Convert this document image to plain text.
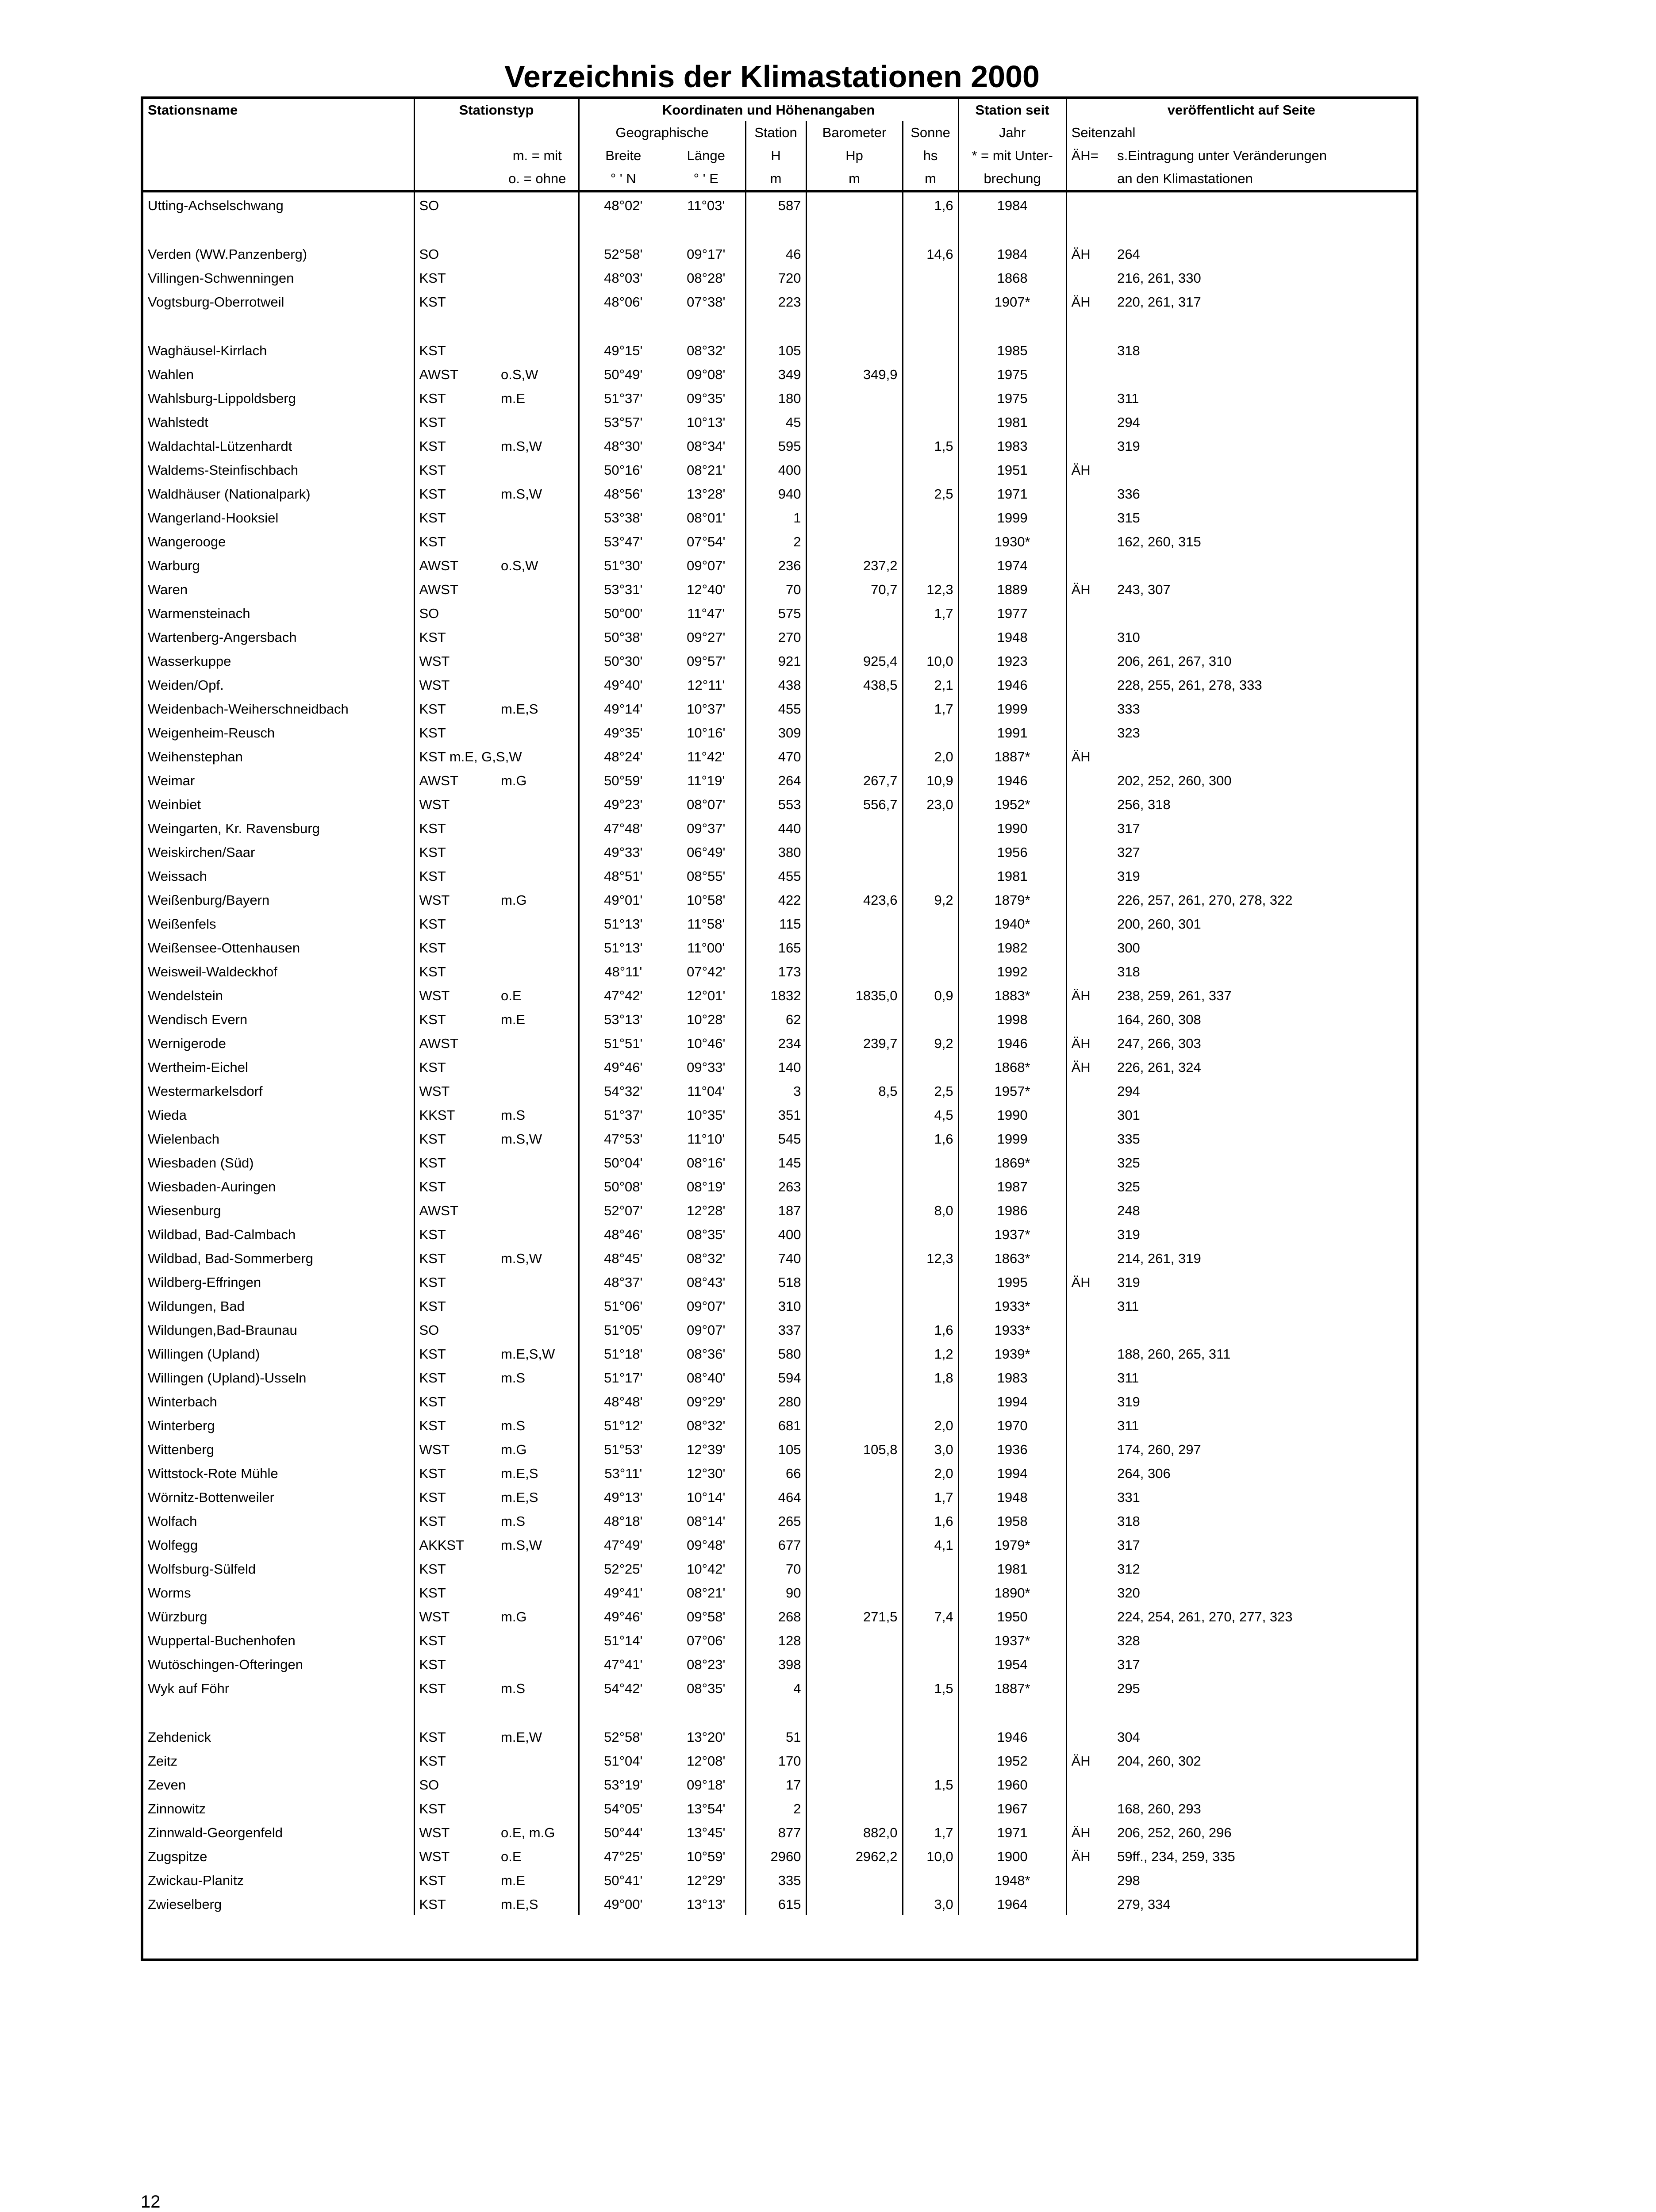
Verzeichnis der Klimastationen 2000
Stationsname	Stationstyp		Koordinaten und Höhenangaben					Station seit	veröffentlicht auf Seite	
			Geographische		Station	Barometer	Sonne	Jahr	Seitenzahl	
		m. = mit	Breite	Länge	H	Hp	hs	* = mit Unter-	ÄH=	s.Eintragung unter Veränderungen
		o. = ohne	° ' N	° ' E	m	m	m	brechung		an den Klimastationen
Utting-Achselschwang	SO		48°02'	11°03'	587		1,6	1984		

Verden (WW.Panzenberg)	SO		52°58'	09°17'	46		14,6	1984	ÄH	264
Villingen-Schwenningen	KST		48°03'	08°28'	720			1868		216, 261, 330
Vogtsburg-Oberrotweil	KST		48°06'	07°38'	223			1907*	ÄH	220, 261, 317

Waghäusel-Kirrlach	KST		49°15'	08°32'	105			1985		318
Wahlen	AWST	o.S,W	50°49'	09°08'	349	349,9		1975		
Wahlsburg-Lippoldsberg	KST	m.E	51°37'	09°35'	180			1975		311
Wahlstedt	KST		53°57'	10°13'	45			1981		294
Waldachtal-Lützenhardt	KST	m.S,W	48°30'	08°34'	595		1,5	1983		319
Waldems-Steinfischbach	KST		50°16'	08°21'	400			1951	ÄH	
Waldhäuser (Nationalpark)	KST	m.S,W	48°56'	13°28'	940		2,5	1971		336
Wangerland-Hooksiel	KST		53°38'	08°01'	1			1999		315
Wangerooge	KST		53°47'	07°54'	2			1930*		162, 260, 315
Warburg	AWST	o.S,W	51°30'	09°07'	236	237,2		1974		
Waren	AWST		53°31'	12°40'	70	70,7	12,3	1889	ÄH	243, 307
Warmensteinach	SO		50°00'	11°47'	575		1,7	1977		
Wartenberg-Angersbach	KST		50°38'	09°27'	270			1948		310
Wasserkuppe	WST		50°30'	09°57'	921	925,4	10,0	1923		206, 261, 267, 310
Weiden/Opf.	WST		49°40'	12°11'	438	438,5	2,1	1946		228, 255, 261, 278, 333
Weidenbach-Weiherschneidbach	KST	m.E,S	49°14'	10°37'	455		1,7	1999		333
Weigenheim-Reusch	KST		49°35'	10°16'	309			1991		323
Weihenstephan	KST m.E, G,S,W		48°24'	11°42'	470		2,0	1887*	ÄH	
Weimar	AWST	m.G	50°59'	11°19'	264	267,7	10,9	1946		202, 252, 260, 300
Weinbiet	WST		49°23'	08°07'	553	556,7	23,0	1952*		256, 318
Weingarten, Kr. Ravensburg	KST		47°48'	09°37'	440			1990		317
Weiskirchen/Saar	KST		49°33'	06°49'	380			1956		327
Weissach	KST		48°51'	08°55'	455			1981		319
Weißenburg/Bayern	WST	m.G	49°01'	10°58'	422	423,6	9,2	1879*		226, 257, 261, 270, 278, 322
Weißenfels	KST		51°13'	11°58'	115			1940*		200, 260, 301
Weißensee-Ottenhausen	KST		51°13'	11°00'	165			1982		300
Weisweil-Waldeckhof	KST		48°11'	07°42'	173			1992		318
Wendelstein	WST	o.E	47°42'	12°01'	1832	1835,0	0,9	1883*	ÄH	238, 259, 261, 337
Wendisch Evern	KST	m.E	53°13'	10°28'	62			1998		164, 260, 308
Wernigerode	AWST		51°51'	10°46'	234	239,7	9,2	1946	ÄH	247, 266, 303
Wertheim-Eichel	KST		49°46'	09°33'	140			1868*	ÄH	226, 261, 324
Westermarkelsdorf	WST		54°32'	11°04'	3	8,5	2,5	1957*		294
Wieda	KKST	m.S	51°37'	10°35'	351		4,5	1990		301
Wielenbach	KST	m.S,W	47°53'	11°10'	545		1,6	1999		335
Wiesbaden (Süd)	KST		50°04'	08°16'	145			1869*		325
Wiesbaden-Auringen	KST		50°08'	08°19'	263			1987		325
Wiesenburg	AWST		52°07'	12°28'	187		8,0	1986		248
Wildbad, Bad-Calmbach	KST		48°46'	08°35'	400			1937*		319
Wildbad, Bad-Sommerberg	KST	m.S,W	48°45'	08°32'	740		12,3	1863*		214, 261, 319
Wildberg-Effringen	KST		48°37'	08°43'	518			1995	ÄH	319
Wildungen, Bad	KST		51°06'	09°07'	310			1933*		311
Wildungen,Bad-Braunau	SO		51°05'	09°07'	337		1,6	1933*		
Willingen (Upland)	KST	m.E,S,W	51°18'	08°36'	580		1,2	1939*		188, 260, 265, 311
Willingen (Upland)-Usseln	KST	m.S	51°17'	08°40'	594		1,8	1983		311
Winterbach	KST		48°48'	09°29'	280			1994		319
Winterberg	KST	m.S	51°12'	08°32'	681		2,0	1970		311
Wittenberg	WST	m.G	51°53'	12°39'	105	105,8	3,0	1936		174, 260, 297
Wittstock-Rote Mühle	KST	m.E,S	53°11'	12°30'	66		2,0	1994		264, 306
Wörnitz-Bottenweiler	KST	m.E,S	49°13'	10°14'	464		1,7	1948		331
Wolfach	KST	m.S	48°18'	08°14'	265		1,6	1958		318
Wolfegg	AKKST	m.S,W	47°49'	09°48'	677		4,1	1979*		317
Wolfsburg-Sülfeld	KST		52°25'	10°42'	70			1981		312
Worms	KST		49°41'	08°21'	90			1890*		320
Würzburg	WST	m.G	49°46'	09°58'	268	271,5	7,4	1950		224, 254, 261, 270, 277, 323
Wuppertal-Buchenhofen	KST		51°14'	07°06'	128			1937*		328
Wutöschingen-Ofteringen	KST		47°41'	08°23'	398			1954		317
Wyk auf Föhr	KST	m.S	54°42'	08°35'	4		1,5	1887*		295

Zehdenick	KST	m.E,W	52°58'	13°20'	51			1946		304
Zeitz	KST		51°04'	12°08'	170			1952	ÄH	204, 260, 302
Zeven	SO		53°19'	09°18'	17		1,5	1960		
Zinnowitz	KST		54°05'	13°54'	2			1967		168, 260, 293
Zinnwald-Georgenfeld	WST	o.E, m.G	50°44'	13°45'	877	882,0	1,7	1971	ÄH	206, 252, 260, 296
Zugspitze	WST	o.E	47°25'	10°59'	2960	2962,2	10,0	1900	ÄH	59ff., 234, 259, 335
Zwickau-Planitz	KST	m.E	50°41'	12°29'	335			1948*		298
Zwieselberg	KST	m.E,S	49°00'	13°13'	615		3,0	1964		279, 334
12
